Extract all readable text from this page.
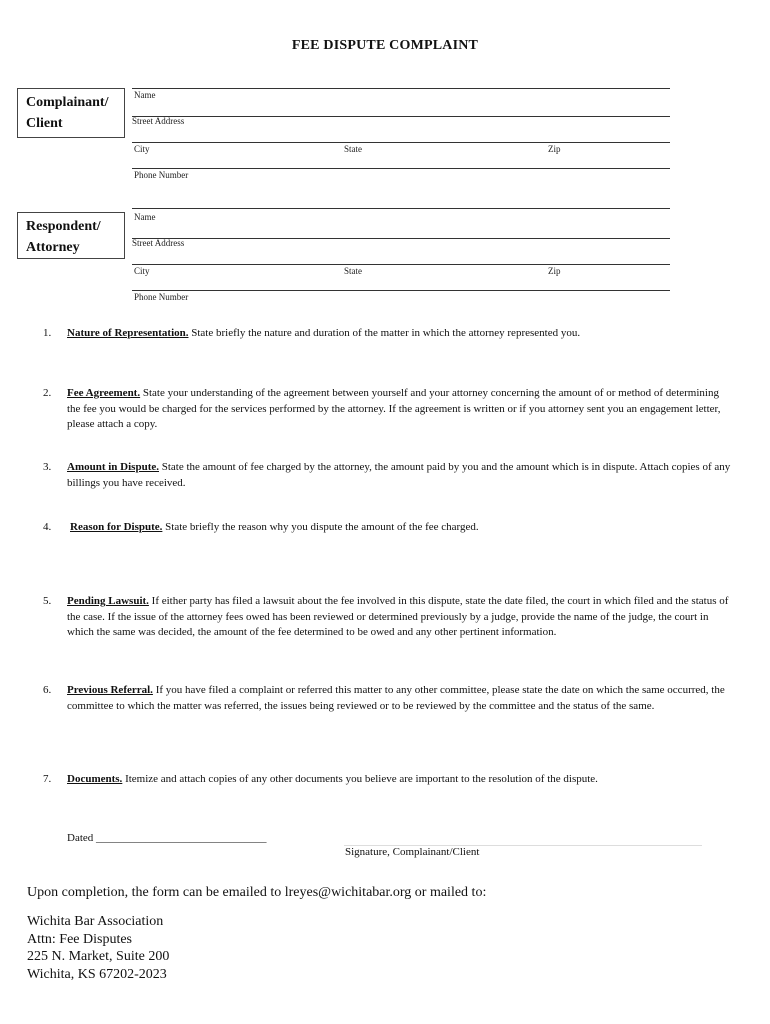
FEE DISPUTE COMPLAINT
Complainant/
Client
Name
Street Address
City	State	Zip
Phone Number
Respondent/
Attorney
Name
Street Address
City	State	Zip
Phone Number
1. Nature of Representation. State briefly the nature and duration of the matter in which the attorney represented you.
2. Fee Agreement. State your understanding of the agreement between yourself and your attorney concerning the amount of or method of determining the fee you would be charged for the services performed by the attorney. If the agreement is written or if you attorney sent you an engagement letter, please attach a copy.
3. Amount in Dispute. State the amount of fee charged by the attorney, the amount paid by you and the amount which is in dispute. Attach copies of any billings you have received.
4. Reason for Dispute. State briefly the reason why you dispute the amount of the fee charged.
5. Pending Lawsuit. If either party has filed a lawsuit about the fee involved in this dispute, state the date filed, the court in which filed and the status of the case. If the issue of the attorney fees owed has been reviewed or determined previously by a judge, provide the name of the judge, the court in which the same was decided, the amount of the fee determined to be owed and any other pertinent information.
6. Previous Referral. If you have filed a complaint or referred this matter to any other committee, please state the date on which the same occurred, the committee to which the matter was referred, the issues being reviewed or to be reviewed by the committee and the status of the same.
7. Documents. Itemize and attach copies of any other documents you believe are important to the resolution of the dispute.
Dated _______________________________
Signature, Complainant/Client
Upon completion, the form can be emailed to lreyes@wichitabar.org or mailed to:
Wichita Bar Association
Attn: Fee Disputes
225 N. Market, Suite 200
Wichita, KS 67202-2023
